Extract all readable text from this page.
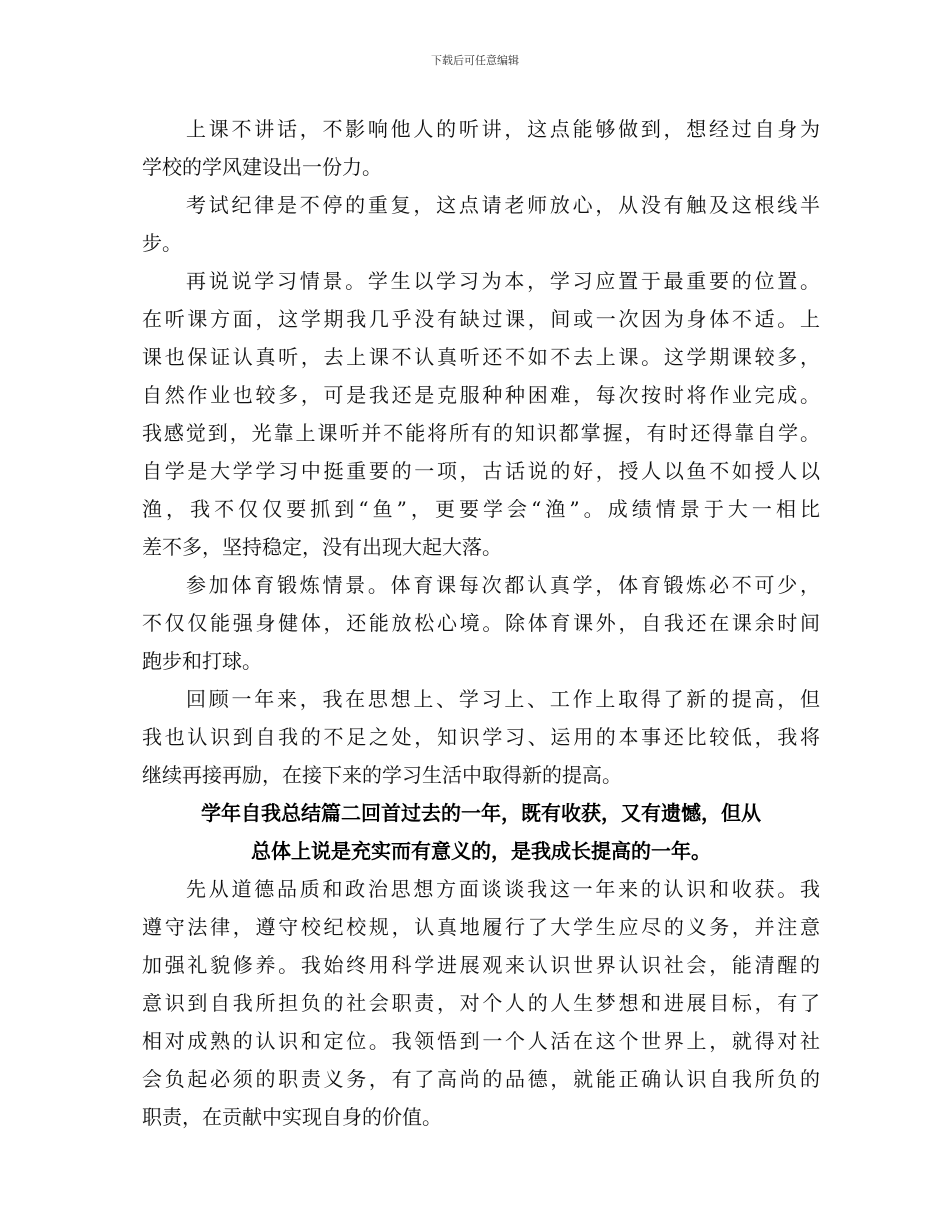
下载后可任意编辑
上课不讲话，不影响他人的听讲，这点能够做到，想经过自身为
学校的学风建设出一份力。
考试纪律是不停的重复，这点请老师放心，从没有触及这根线半
步。
再说说学习情景。学生以学习为本，学习应置于最重要的位置。
在听课方面，这学期我几乎没有缺过课，间或一次因为身体不适。上
课也保证认真听，去上课不认真听还不如不去上课。这学期课较多，
自然作业也较多，可是我还是克服种种困难，每次按时将作业完成。
我感觉到，光靠上课听并不能将所有的知识都掌握，有时还得靠自学。
自学是大学学习中挺重要的一项，古话说的好，授人以鱼不如授人以
渔，我不仅仅要抓到“鱼”，更要学会“渔”。成绩情景于大一相比
差不多，坚持稳定，没有出现大起大落。
参加体育锻炼情景。体育课每次都认真学，体育锻炼必不可少，
不仅仅能强身健体，还能放松心境。除体育课外，自我还在课余时间
跑步和打球。
回顾一年来，我在思想上、学习上、工作上取得了新的提高，但
我也认识到自我的不足之处，知识学习、运用的本事还比较低，我将
继续再接再励，在接下来的学习生活中取得新的提高。
学年自我总结篇二回首过去的一年，既有收获，又有遗憾，但从
总体上说是充实而有意义的，是我成长提高的一年。
先从道德品质和政治思想方面谈谈我这一年来的认识和收获。我
遵守法律，遵守校纪校规，认真地履行了大学生应尽的义务，并注意
加强礼貌修养。我始终用科学进展观来认识世界认识社会，能清醒的
意识到自我所担负的社会职责，对个人的人生梦想和进展目标，有了
相对成熟的认识和定位。我领悟到一个人活在这个世界上，就得对社
会负起必须的职责义务，有了高尚的品德，就能正确认识自我所负的
职责，在贡献中实现自身的价值。
